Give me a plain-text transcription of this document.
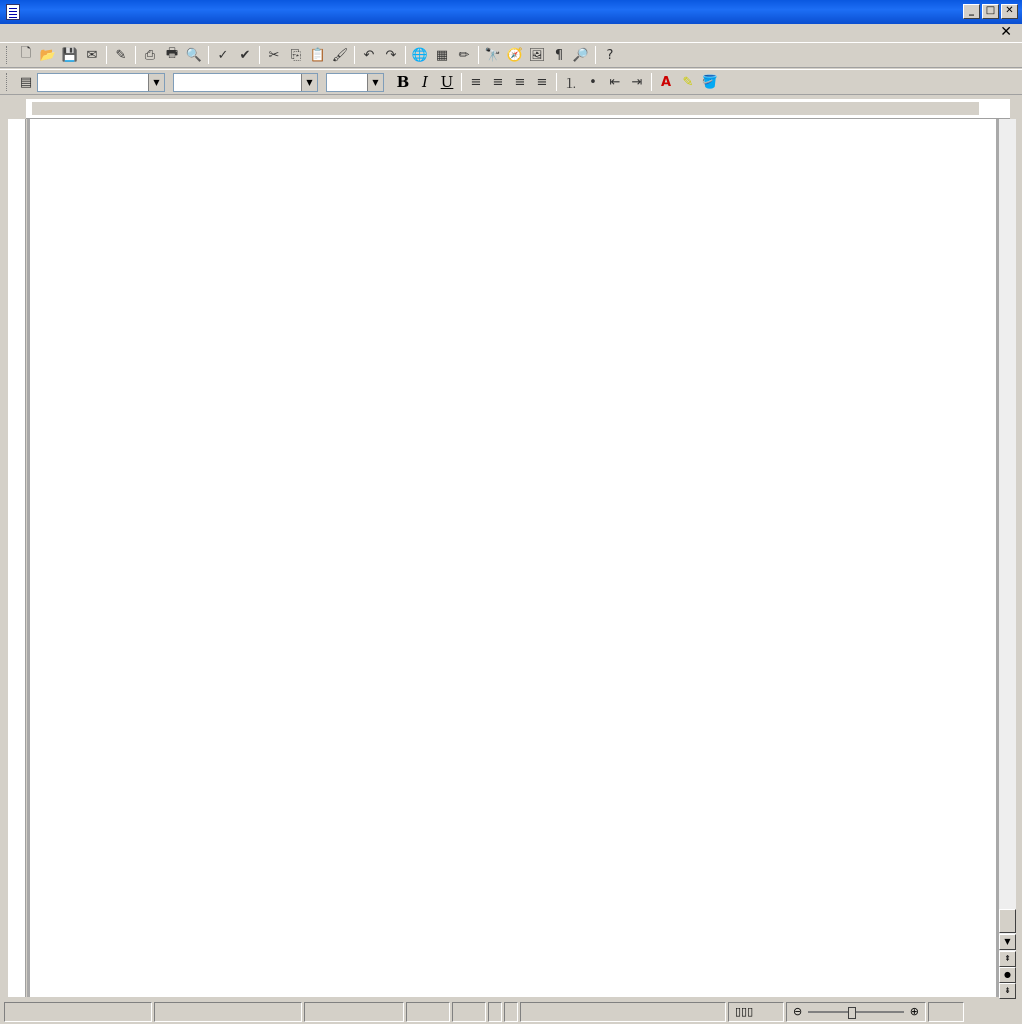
_	□	✕
✕
🗋 📂 💾 ✉	✎	⎙ 🖶 🔍	✓ ✔	✂ ⎘ 📋 🖌	↶ ↷	🌐 ▦ ✏	🔭 🧭 🖼 ¶ 🔎	?
▤	▼	▼	▼	B I U	≡ ≡ ≡ ≡	⒈ • ⇤ ⇥	A ✎ 🪣
▼
⇞
●
⇟
▯▯▯	⊖	⊕
